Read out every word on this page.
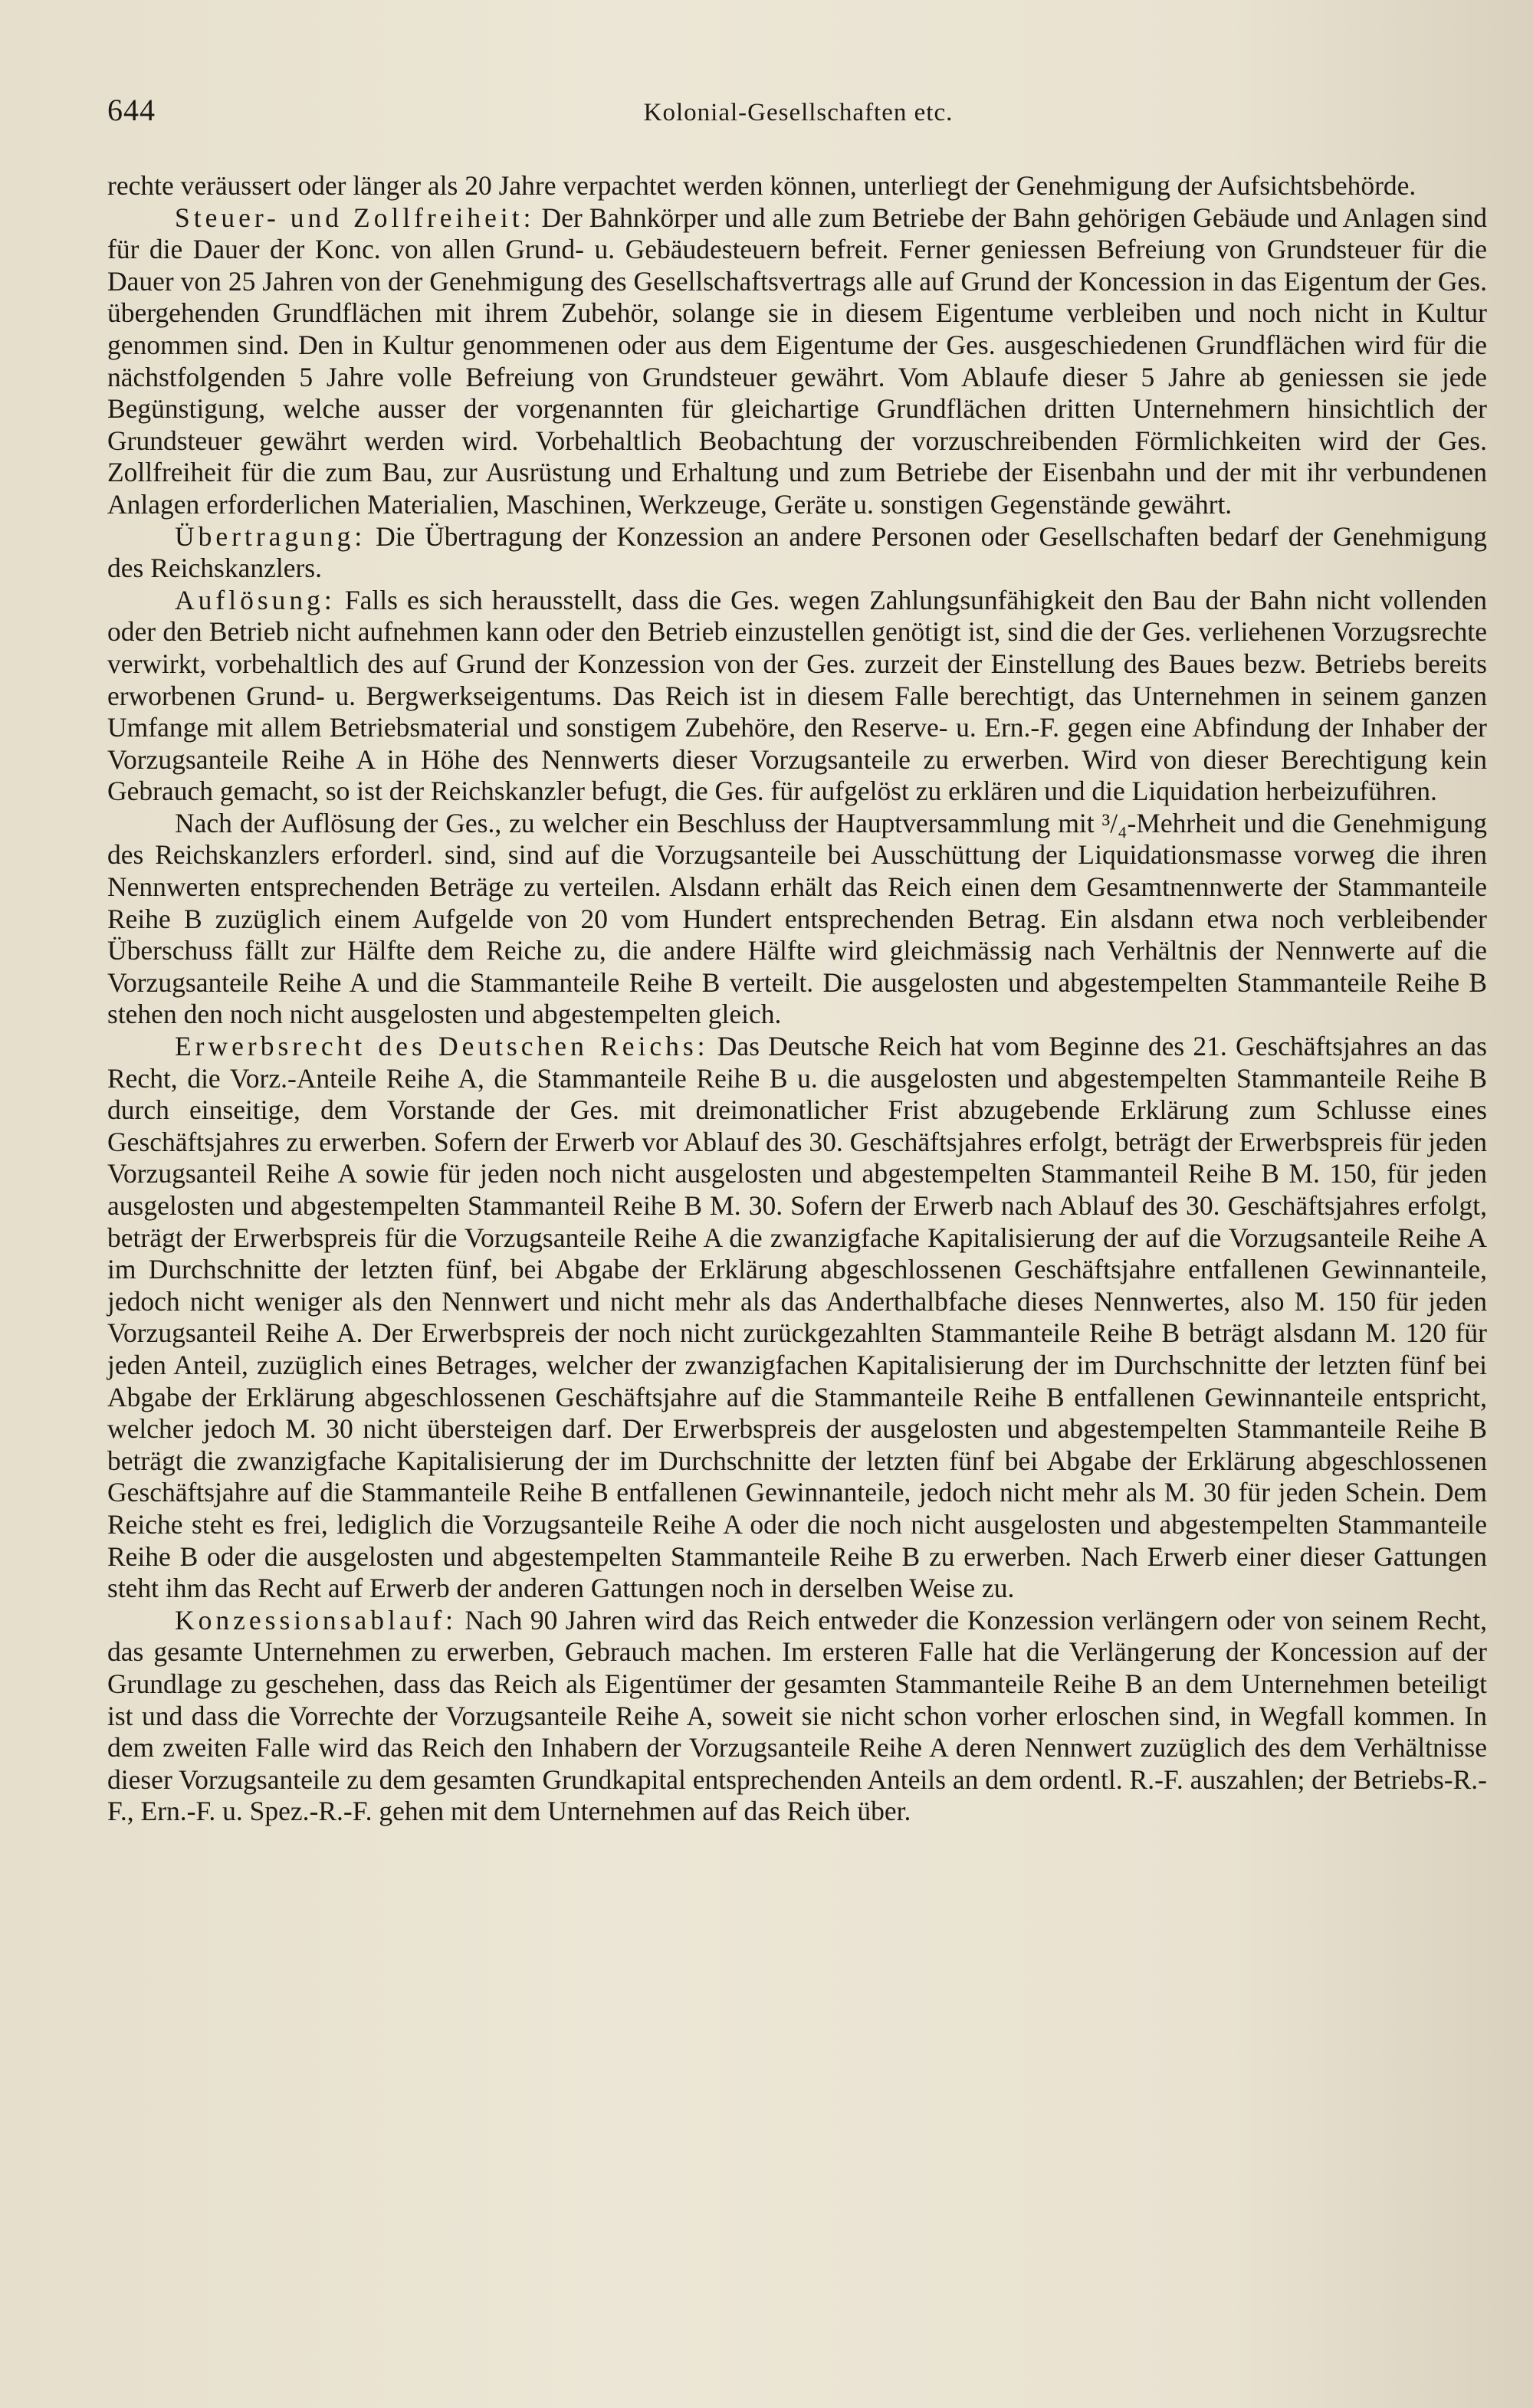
644	Kolonial-Gesellschaften etc.

rechte veräussert oder länger als 20 Jahre verpachtet werden können, unterliegt der Genehmigung der Aufsichtsbehörde.

Steuer- und Zollfreiheit: Der Bahnkörper und alle zum Betriebe der Bahn gehörigen Gebäude und Anlagen sind für die Dauer der Konc. von allen Grund- u. Gebäudesteuern befreit. Ferner geniessen Befreiung von Grundsteuer für die Dauer von 25 Jahren von der Genehmigung des Gesellschaftsvertrags alle auf Grund der Koncession in das Eigentum der Ges. übergehenden Grundflächen mit ihrem Zubehör, solange sie in diesem Eigentume verbleiben und noch nicht in Kultur genommen sind. Den in Kultur genommenen oder aus dem Eigentume der Ges. ausgeschiedenen Grundflächen wird für die nächstfolgenden 5 Jahre volle Befreiung von Grundsteuer gewährt. Vom Ablaufe dieser 5 Jahre ab geniessen sie jede Begünstigung, welche ausser der vorgenannten für gleichartige Grundflächen dritten Unternehmern hinsichtlich der Grundsteuer gewährt werden wird. Vorbehaltlich Beobachtung der vorzuschreibenden Förmlichkeiten wird der Ges. Zollfreiheit für die zum Bau, zur Ausrüstung und Erhaltung und zum Betriebe der Eisenbahn und der mit ihr verbundenen Anlagen erforderlichen Materialien, Maschinen, Werkzeuge, Geräte u. sonstigen Gegenstände gewährt.

Übertragung: Die Übertragung der Konzession an andere Personen oder Gesellschaften bedarf der Genehmigung des Reichskanzlers.

Auflösung: Falls es sich herausstellt, dass die Ges. wegen Zahlungsunfähigkeit den Bau der Bahn nicht vollenden oder den Betrieb nicht aufnehmen kann oder den Betrieb einzustellen genötigt ist, sind die der Ges. verliehenen Vorzugsrechte verwirkt, vorbehaltlich des auf Grund der Konzession von der Ges. zurzeit der Einstellung des Baues bezw. Betriebs bereits erworbenen Grund- u. Bergwerkseigentums. Das Reich ist in diesem Falle berechtigt, das Unternehmen in seinem ganzen Umfange mit allem Betriebsmaterial und sonstigem Zubehöre, den Reserve- u. Ern.-F. gegen eine Abfindung der Inhaber der Vorzugsanteile Reihe A in Höhe des Nennwerts dieser Vorzugsanteile zu erwerben. Wird von dieser Berechtigung kein Gebrauch gemacht, so ist der Reichskanzler befugt, die Ges. für aufgelöst zu erklären und die Liquidation herbeizuführen.

Nach der Auflösung der Ges., zu welcher ein Beschluss der Hauptversammlung mit ³/₄-Mehrheit und die Genehmigung des Reichskanzlers erforderl. sind, sind auf die Vorzugsanteile bei Ausschüttung der Liquidationsmasse vorweg die ihren Nennwerten entsprechenden Beträge zu verteilen. Alsdann erhält das Reich einen dem Gesamtnennwerte der Stammanteile Reihe B zuzüglich einem Aufgelde von 20 vom Hundert entsprechenden Betrag. Ein alsdann etwa noch verbleibender Überschuss fällt zur Hälfte dem Reiche zu, die andere Hälfte wird gleichmässig nach Verhältnis der Nennwerte auf die Vorzugsanteile Reihe A und die Stammanteile Reihe B verteilt. Die ausgelosten und abgestempelten Stammanteile Reihe B stehen den noch nicht ausgelosten und abgestempelten gleich.

Erwerbsrecht des Deutschen Reichs: Das Deutsche Reich hat vom Beginne des 21. Geschäftsjahres an das Recht, die Vorz.-Anteile Reihe A, die Stammanteile Reihe B u. die ausgelosten und abgestempelten Stammanteile Reihe B durch einseitige, dem Vorstande der Ges. mit dreimonatlicher Frist abzugebende Erklärung zum Schlusse eines Geschäftsjahres zu erwerben. Sofern der Erwerb vor Ablauf des 30. Geschäftsjahres erfolgt, beträgt der Erwerbspreis für jeden Vorzugsanteil Reihe A sowie für jeden noch nicht ausgelosten und abgestempelten Stammanteil Reihe B M. 150, für jeden ausgelosten und abgestempelten Stammanteil Reihe B M. 30. Sofern der Erwerb nach Ablauf des 30. Geschäftsjahres erfolgt, beträgt der Erwerbspreis für die Vorzugsanteile Reihe A die zwanzigfache Kapitalisierung der auf die Vorzugsanteile Reihe A im Durchschnitte der letzten fünf, bei Abgabe der Erklärung abgeschlossenen Geschäftsjahre entfallenen Gewinnanteile, jedoch nicht weniger als den Nennwert und nicht mehr als das Anderthalbfache dieses Nennwertes, also M. 150 für jeden Vorzugsanteil Reihe A. Der Erwerbspreis der noch nicht zurückgezahlten Stammanteile Reihe B beträgt alsdann M. 120 für jeden Anteil, zuzüglich eines Betrages, welcher der zwanzigfachen Kapitalisierung der im Durchschnitte der letzten fünf bei Abgabe der Erklärung abgeschlossenen Geschäftsjahre auf die Stammanteile Reihe B entfallenen Gewinnanteile entspricht, welcher jedoch M. 30 nicht übersteigen darf. Der Erwerbspreis der ausgelosten und abgestempelten Stammanteile Reihe B beträgt die zwanzigfache Kapitalisierung der im Durchschnitte der letzten fünf bei Abgabe der Erklärung abgeschlossenen Geschäftsjahre auf die Stammanteile Reihe B entfallenen Gewinnanteile, jedoch nicht mehr als M. 30 für jeden Schein. Dem Reiche steht es frei, lediglich die Vorzugsanteile Reihe A oder die noch nicht ausgelosten und abgestempelten Stammanteile Reihe B oder die ausgelosten und abgestempelten Stammanteile Reihe B zu erwerben. Nach Erwerb einer dieser Gattungen steht ihm das Recht auf Erwerb der anderen Gattungen noch in derselben Weise zu.

Konzessionsablauf: Nach 90 Jahren wird das Reich entweder die Konzession verlängern oder von seinem Recht, das gesamte Unternehmen zu erwerben, Gebrauch machen. Im ersteren Falle hat die Verlängerung der Koncession auf der Grundlage zu geschehen, dass das Reich als Eigentümer der gesamten Stammanteile Reihe B an dem Unternehmen beteiligt ist und dass die Vorrechte der Vorzugsanteile Reihe A, soweit sie nicht schon vorher erloschen sind, in Wegfall kommen. In dem zweiten Falle wird das Reich den Inhabern der Vorzugsanteile Reihe A deren Nennwert zuzüglich des dem Verhältnisse dieser Vorzugsanteile zu dem gesamten Grundkapital entsprechenden Anteils an dem ordentl. R.-F. auszahlen; der Betriebs-R.-F., Ern.-F. u. Spez.-R.-F. gehen mit dem Unternehmen auf das Reich über.
